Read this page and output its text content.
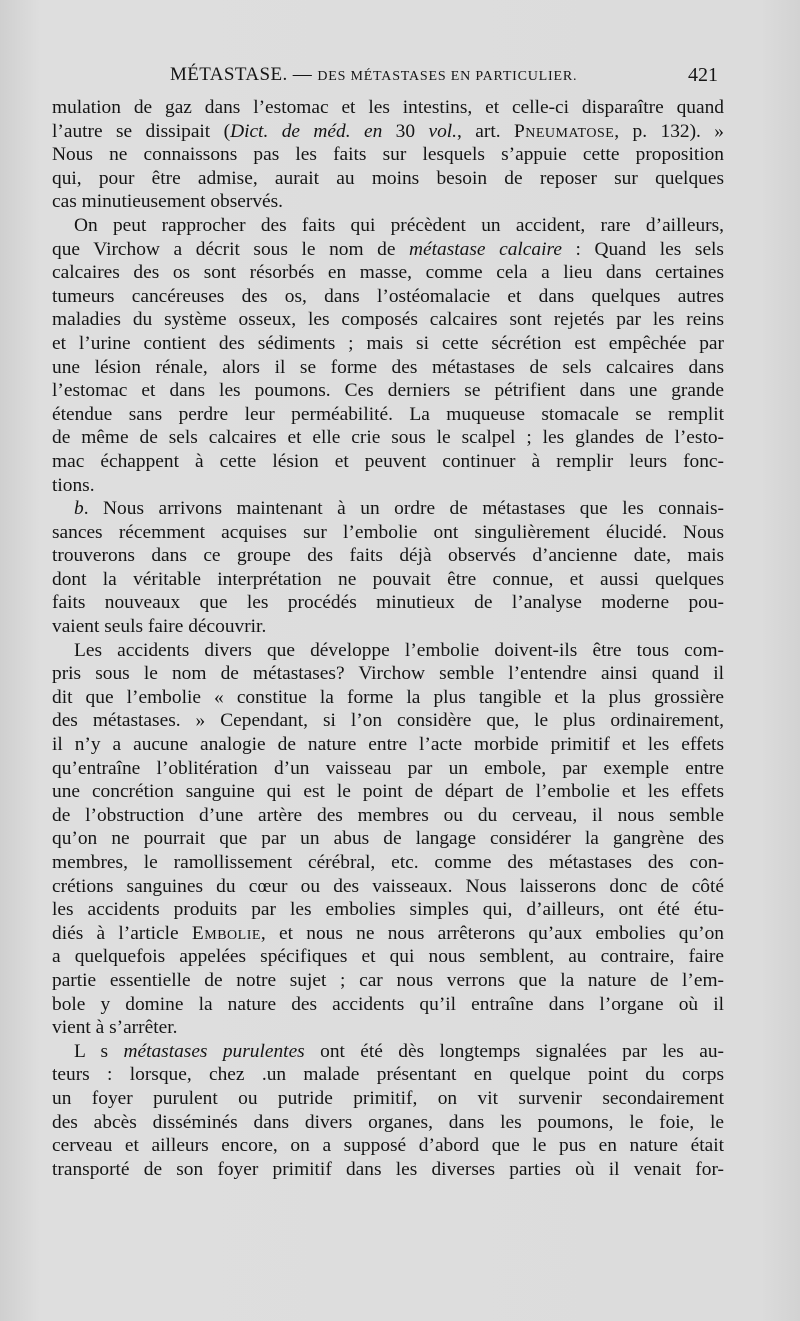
MÉTASTASE. — DES MÉTASTASES EN PARTICULIER.	421
mulation de gaz dans l’estomac et les intestins, et celle-ci disparaître quand
l’autre se dissipait (Dict. de méd. en 30 vol., art. Pneumatose, p. 132). »
Nous ne connaissons pas les faits sur lesquels s’appuie cette proposition
qui, pour être admise, aurait au moins besoin de reposer sur quelques
cas minutieusement observés.
On peut rapprocher des faits qui précèdent un accident, rare d’ailleurs,
que Virchow a décrit sous le nom de métastase calcaire : Quand les sels
calcaires des os sont résorbés en masse, comme cela a lieu dans certaines
tumeurs cancéreuses des os, dans l’ostéomalacie et dans quelques autres
maladies du système osseux, les composés calcaires sont rejetés par les reins
et l’urine contient des sédiments ; mais si cette sécrétion est empêchée par
une lésion rénale, alors il se forme des métastases de sels calcaires dans
l’estomac et dans les poumons. Ces derniers se pétrifient dans une grande
étendue sans perdre leur perméabilité. La muqueuse stomacale se remplit
de même de sels calcaires et elle crie sous le scalpel ; les glandes de l’esto-
mac échappent à cette lésion et peuvent continuer à remplir leurs fonc-
tions.
b. Nous arrivons maintenant à un ordre de métastases que les connais-
sances récemment acquises sur l’embolie ont singulièrement élucidé. Nous
trouverons dans ce groupe des faits déjà observés d’ancienne date, mais
dont la véritable interprétation ne pouvait être connue, et aussi quelques
faits nouveaux que les procédés minutieux de l’analyse moderne pou-
vaient seuls faire découvrir.
Les accidents divers que développe l’embolie doivent-ils être tous com-
pris sous le nom de métastases? Virchow semble l’entendre ainsi quand il
dit que l’embolie « constitue la forme la plus tangible et la plus grossière
des métastases. » Cependant, si l’on considère que, le plus ordinairement,
il n’y a aucune analogie de nature entre l’acte morbide primitif et les effets
qu’entraîne l’oblitération d’un vaisseau par un embole, par exemple entre
une concrétion sanguine qui est le point de départ de l’embolie et les effets
de l’obstruction d’une artère des membres ou du cerveau, il nous semble
qu’on ne pourrait que par un abus de langage considérer la gangrène des
membres, le ramollissement cérébral, etc. comme des métastases des con-
crétions sanguines du cœur ou des vaisseaux. Nous laisserons donc de côté
les accidents produits par les embolies simples qui, d’ailleurs, ont été étu-
diés à l’article Embolie, et nous ne nous arrêterons qu’aux embolies qu’on
a quelquefois appelées spécifiques et qui nous semblent, au contraire, faire
partie essentielle de notre sujet ; car nous verrons que la nature de l’em-
bole y domine la nature des accidents qu’il entraîne dans l’organe où il
vient à s’arrêter.
L s métastases purulentes ont été dès longtemps signalées par les au-
teurs : lorsque, chez .un malade présentant en quelque point du corps
un foyer purulent ou putride primitif, on vit survenir secondairement
des abcès disséminés dans divers organes, dans les poumons, le foie, le
cerveau et ailleurs encore, on a supposé d’abord que le pus en nature était
transporté de son foyer primitif dans les diverses parties où il venait for-
